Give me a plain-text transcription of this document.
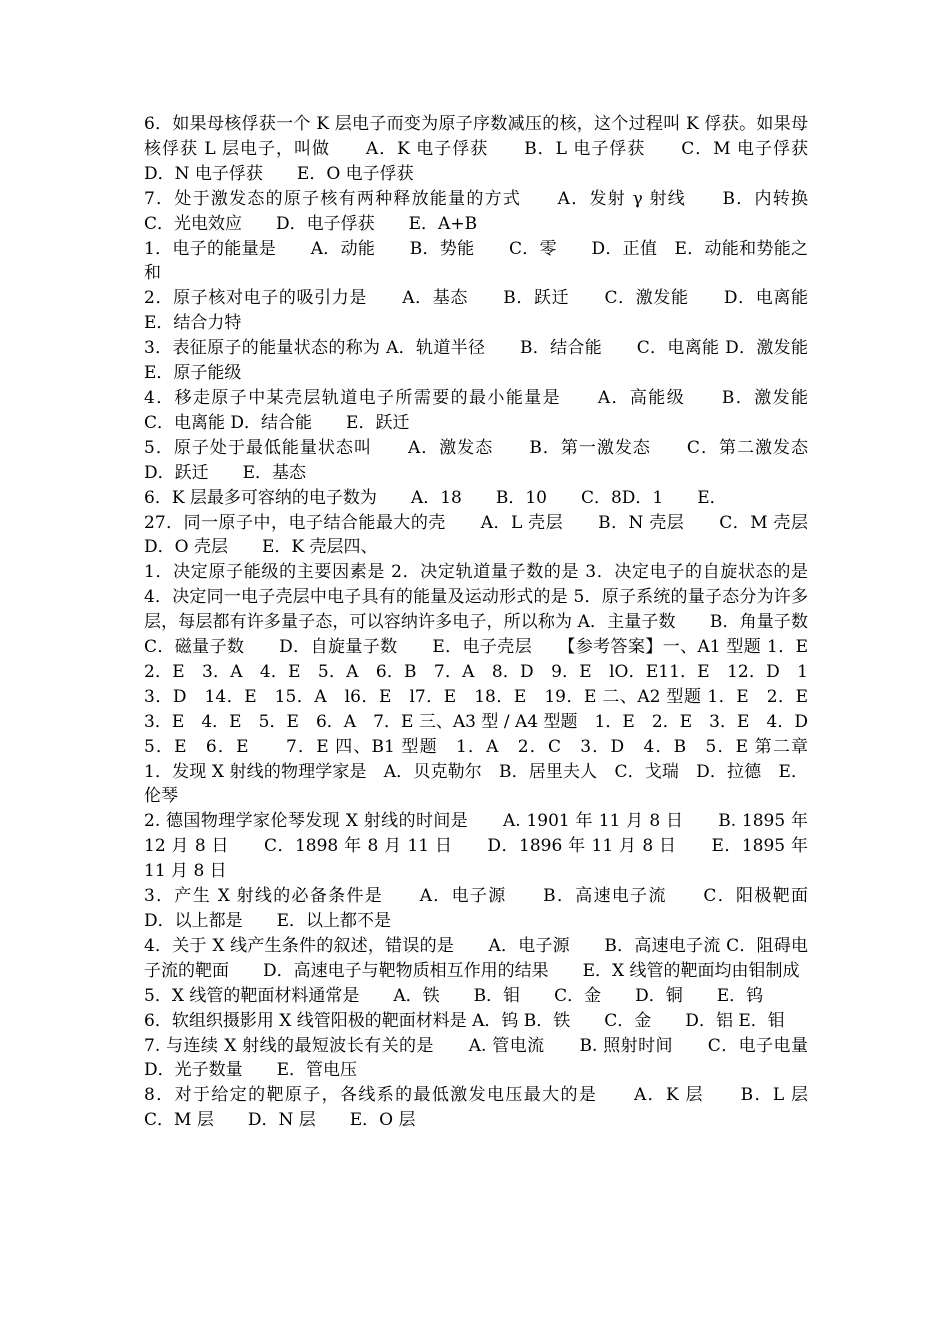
6．如果母核俘获一个 K 层电子而变为原子序数减压的核，这个过程叫 K 俘获。如果母核俘获 L 层电子，叫做　　A．K 电子俘获　　B．L 电子俘获　　C．M 电子俘获　　D．N 电子俘获　　E．O 电子俘获

7．处于激发态的原子核有两种释放能量的方式　　A．发射 γ 射线　　B．内转换　　C．光电效应　　D．电子俘获　　E．A+B

1．电子的能量是　　A．动能　　B．势能　　C．零　　D．正值　E．动能和势能之和

2．原子核对电子的吸引力是　　A．基态　　B．跃迁　　C．激发能　　D．电离能 E．结合力特

3．表征原子的能量状态的称为 A．轨道半径　　B．结合能　　C．电离能 D．激发能　　E．原子能级

4．移走原子中某壳层轨道电子所需要的最小能量是　　A．高能级　　B．激发能　　C．电离能 D．结合能　　E．跃迁

5．原子处于最低能量状态叫　　A．激发态　　B．第一激发态　　C．第二激发态　　D．跃迁　　E．基态

6．K 层最多可容纳的电子数为　　A．18　　B．10　　C．8D．1　　E．

27．同一原子中，电子结合能最大的壳　　A．L 壳层　　B．N 壳层　　C．M 壳层　　D．O 壳层　　E．K 壳层四、

1．决定原子能级的主要因素是 2．决定轨道量子数的是 3．决定电子的自旋状态的是 4．决定同一电子壳层中电子具有的能量及运动形式的是 5．原子系统的量子态分为许多层，每层都有许多量子态，可以容纳许多电子，所以称为 A．主量子数　　B．角量子数　　C．磁量子数　　D．自旋量子数　　E．电子壳层　　【参考答案】一、A1 型题 1．E　2．E　3．A　4．E　5．A　6．B　7．A　8．D　9．E　lO．E11．E　12．D　13．D　14．E　15．A　l6．E　l7．E　18．E　19．E 二、A2 型题 1．E　2．E　3．E　4．E　5．E　6．A　7．E 三、A3 型 / A4 型题　1．E　2．E　3．E　4．D　5．E　6．E　　7．E 四、B1 型题　1．A　2．C　3．D　4．B　5．E 第二章　　1．发现 X 射线的物理学家是　A．贝克勒尔　B．居里夫人　C．戈瑞　D．拉德　E．伦琴

2. 德国物理学家伦琴发现 X 射线的时间是　　A. 1901 年 11 月 8 日　　B. 1895 年 12 月 8 日　　C．1898 年 8 月 11 日　　D．1896 年 11 月 8 日　　E．1895 年 11 月 8 日

3．产生 X 射线的必备条件是　　A．电子源　　B．高速电子流　　C．阳极靶面　　D．以上都是　　E．以上都不是

4．关于 X 线产生条件的叙述，错误的是　　A．电子源　　B．高速电子流 C．阻碍电子流的靶面　　D．高速电子与靶物质相互作用的结果　　E．X 线管的靶面均由钼制成

5．X 线管的靶面材料通常是　　A．铁　　B．钼　　C．金　　D．铜　　E．钨

6．软组织摄影用 X 线管阳极的靶面材料是 A．钨 B．铁　　C．金　　D．铝 E．钼

7. 与连续 X 射线的最短波长有关的是　　A. 管电流　　B. 照射时间　　C．电子电量　　D．光子数量　　E．管电压

8．对于给定的靶原子，各线系的最低激发电压最大的是　　A．K 层　　B．L 层　　C．M 层　　D．N 层　　E．O 层
